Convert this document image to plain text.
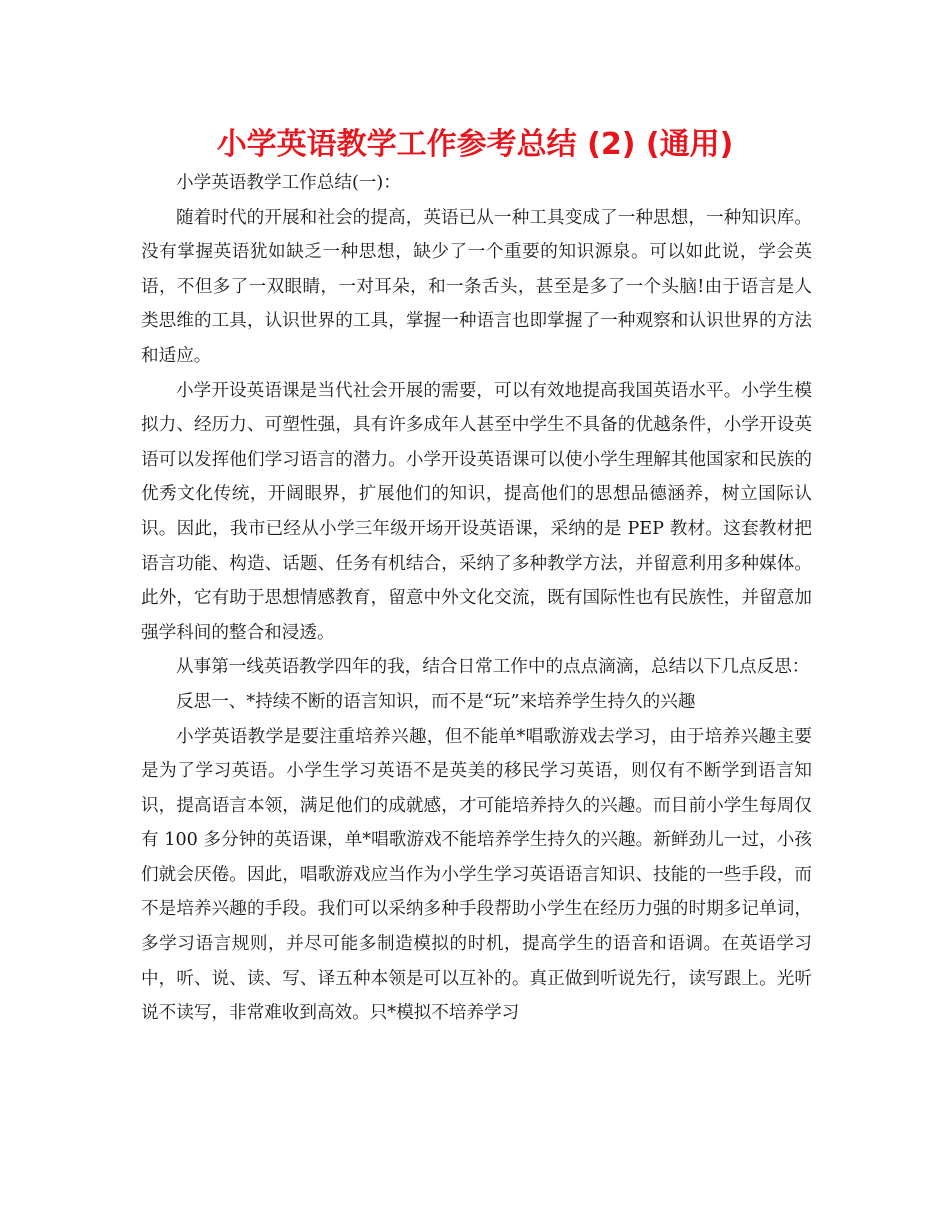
小学英语教学工作参考总结 (2) (通用)

小学英语教学工作总结(一)：

随着时代的开展和社会的提高，英语已从一种工具变成了一种思想，一种知识库。没有掌握英语犹如缺乏一种思想，缺少了一个重要的知识源泉。可以如此说，学会英语，不但多了一双眼睛，一对耳朵，和一条舌头，甚至是多了一个头脑!由于语言是人类思维的工具，认识世界的工具，掌握一种语言也即掌握了一种观察和认识世界的方法和适应。

小学开设英语课是当代社会开展的需要，可以有效地提高我国英语水平。小学生模拟力、经历力、可塑性强，具有许多成年人甚至中学生不具备的优越条件，小学开设英语可以发挥他们学习语言的潜力。小学开设英语课可以使小学生理解其他国家和民族的优秀文化传统，开阔眼界，扩展他们的知识，提高他们的思想品德涵养，树立国际认识。因此，我市已经从小学三年级开场开设英语课，采纳的是 PEP 教材。这套教材把语言功能、构造、话题、任务有机结合，采纳了多种教学方法，并留意利用多种媒体。此外，它有助于思想情感教育，留意中外文化交流，既有国际性也有民族性，并留意加强学科间的整合和浸透。

从事第一线英语教学四年的我，结合日常工作中的点点滴滴，总结以下几点反思：

反思一、*持续不断的语言知识，而不是“玩”来培养学生持久的兴趣

小学英语教学是要注重培养兴趣，但不能单*唱歌游戏去学习，由于培养兴趣主要是为了学习英语。小学生学习英语不是英美的移民学习英语，则仅有不断学到语言知识，提高语言本领，满足他们的成就感，才可能培养持久的兴趣。而目前小学生每周仅有 100 多分钟的英语课，单*唱歌游戏不能培养学生持久的兴趣。新鲜劲儿一过，小孩们就会厌倦。因此，唱歌游戏应当作为小学生学习英语语言知识、技能的一些手段，而不是培养兴趣的手段。我们可以采纳多种手段帮助小学生在经历力强的时期多记单词，多学习语言规则，并尽可能多制造模拟的时机，提高学生的语音和语调。在英语学习中，听、说、读、写、译五种本领是可以互补的。真正做到听说先行，读写跟上。光听说不读写，非常难收到高效。只*模拟不培养学习
